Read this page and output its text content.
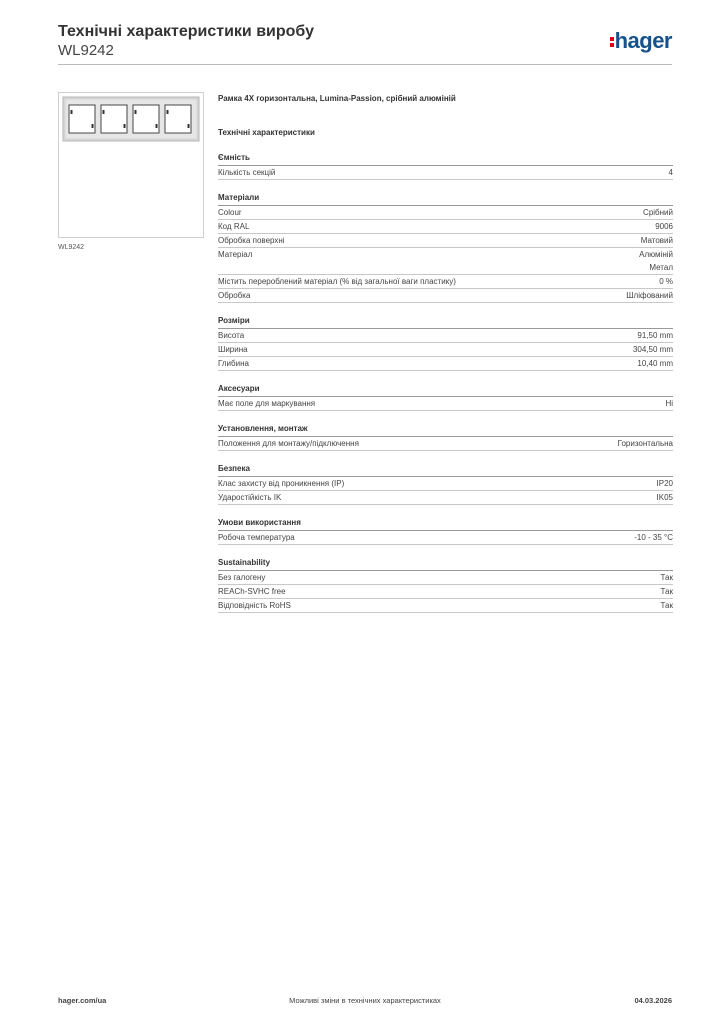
Технічні характеристики виробу
WL9242	hager
WL9242
Рамка 4X горизонтальна, Lumina-Passion, срібний алюміній
Технічні характеристики
Ємність
Кількість секцій	4
Матеріали
Colour	Срібний
Код RAL	9006
Обробка поверхні	Матовий
Матеріал	Алюміній
Метал
Містить перероблений матеріал (% від загальної ваги пластику)	0 %
Обробка	Шліфований
Розміри
Висота	91,50 mm
Ширина	304,50 mm
Глибина	10,40 mm
Аксесуари
Має поле для маркування	Ні
Установлення, монтаж
Положення для монтажу/підключення	Горизонтальна
Безпека
Клас захисту від проникнення (IP)	IP20
Ударостійкість IK	IK05
Умови використання
Робоча температура	-10 - 35 °C
Sustainability
Без галогену	Так
REACh-SVHC free	Так
Відповідність RoHS	Так
hager.com/ua	Можливі зміни в технічних характеристиках	04.03.2026
